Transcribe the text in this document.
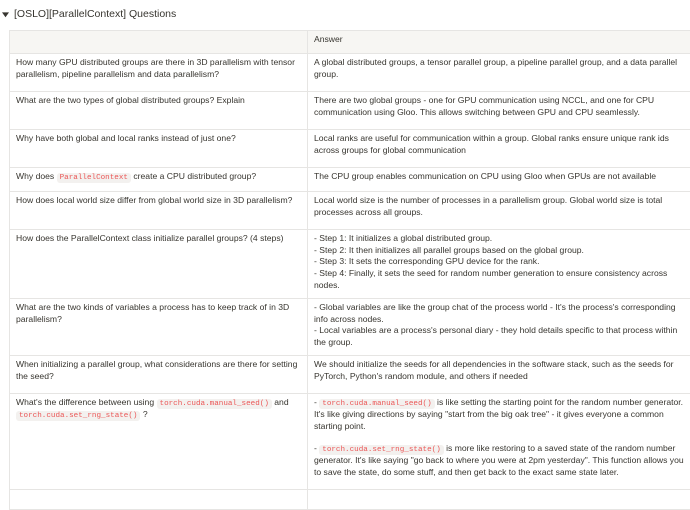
[OSLO][ParallelContext] Questions
	Answer
How many GPU distributed groups are there in 3D parallelism with tensor parallelism, pipeline parallelism and data parallelism?	A global distributed groups, a tensor parallel group, a pipeline parallel group, and a data parallel group.
What are the two types of global distributed groups? Explain	There are two global groups - one for GPU communication using NCCL, and one for CPU communication using Gloo. This allows switching between GPU and CPU seamlessly.
Why have both global and local ranks instead of just one?	Local ranks are useful for communication within a group. Global ranks ensure unique rank ids across groups for global communication
Why does ParallelContext create a CPU distributed group?	The CPU group enables communication on CPU using Gloo when GPUs are not available
How does local world size differ from global world size in 3D parallelism?	Local world size is the number of processes in a parallelism group. Global world size is total processes across all groups.
How does the ParallelContext class initialize parallel groups? (4 steps)	- Step 1: It initializes a global distributed group.
- Step 2: It then initializes all parallel groups based on the global group.
- Step 3: It sets the corresponding GPU device for the rank.
- Step 4: Finally, it sets the seed for random number generation to ensure consistency across nodes.

What are the two kinds of variables a process has to keep track of in 3D parallelism?	- Global variables are like the group chat of the process world - It's the process's corresponding info across nodes.
- Local variables are a process's personal diary - they hold details specific to that process within the group.

When initializing a parallel group, what considerations are there for setting the seed?	We should initialize the seeds for all dependencies in the software stack, such as the seeds for PyTorch, Python's random module, and others if needed
What's the difference between using torch.cuda.manual_seed() and torch.cuda.set_rng_state() ?	- torch.cuda.manual_seed() is like setting the starting point for the random number generator. It's like giving directions by saying "start from the big oak tree" - it gives everyone a common starting point.
- torch.cuda.set_rng_state() is more like restoring to a saved state of the random number generator. It's like saying "go back to where you were at 2pm yesterday". This function allows you to save the state, do some stuff, and then get back to the exact same state later.
